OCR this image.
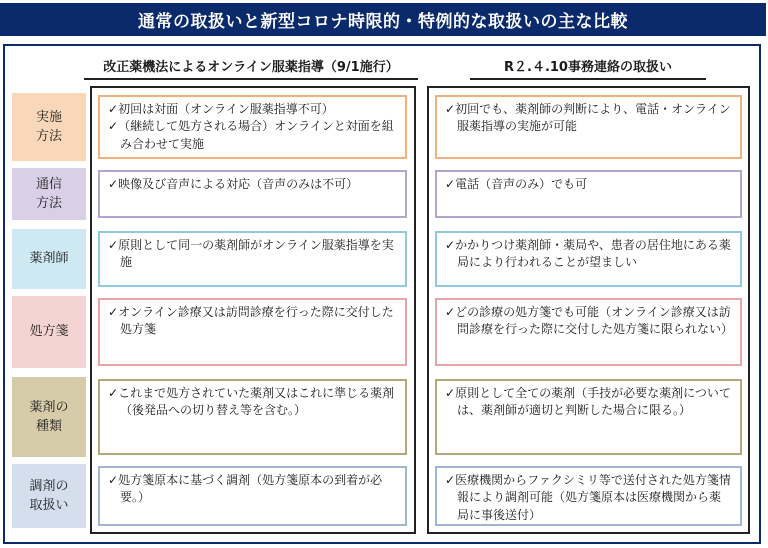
通常の取扱いと新型コロナ時限的・特例的な取扱いの主な比較
改正薬機法によるオンライン服薬指導（9/1施行）	R２.４.10事務連絡の取扱い
実施
方法
✓初回は対面（オンライン服薬指導不可）
✓（継続して処方される場合）オンラインと対面を組み合わせて実施
✓初回でも、薬剤師の判断により、電話・オンライン服薬指導の実施が可能
通信
方法
✓映像及び音声による対応（音声のみは不可）	✓電話（音声のみ）でも可
薬剤師
✓原則として同一の薬剤師がオンライン服薬指導を実施
✓かかりつけ薬剤師・薬局や、患者の居住地にある薬局により行われることが望ましい
処方箋
✓オンライン診療又は訪問診療を行った際に交付した処方箋
✓どの診療の処方箋でも可能（オンライン診療又は訪問診療を行った際に交付した処方箋に限られない）
薬剤の
種類
✓これまで処方されていた薬剤又はこれに準じる薬剤（後発品への切り替え等を含む。）
✓原則として全ての薬剤（手技が必要な薬剤については、薬剤師が適切と判断した場合に限る。）
調剤の
取扱い
✓処方箋原本に基づく調剤（処方箋原本の到着が必要。）
✓医療機関からファクシミリ等で送付された処方箋情報により調剤可能（処方箋原本は医療機関から薬局に事後送付）
